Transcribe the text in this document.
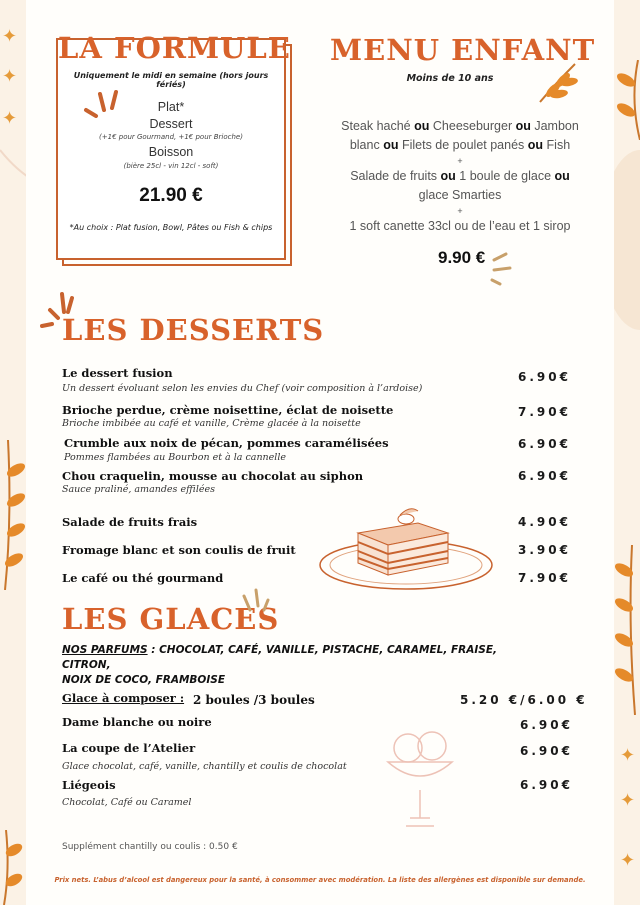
✦
✦
✦
✦
✦
✦
LA FORMULE
Uniquement le midi en semaine (hors jours fériés)
Plat*
Dessert
(+1€ pour Gourmand, +1€ pour Brioche)
Boisson
(bière 25cl - vin 12cl - soft)
21.90 €
*Au choix : Plat fusion, Bowl, Pâtes ou Fish & chips
MENU ENFANT
Moins de 10 ans
Steak haché ou Cheeseburger ou Jambon
blanc ou Filets de poulet panés ou Fish
+
Salade de fruits ou 1 boule de glace ou
glace Smarties
+
1 soft canette 33cl ou de l’eau et 1 sirop
9.90 €
LES DESSERTS
Le dessert fusion
Un dessert évoluant selon les envies du Chef (voir composition à l’ardoise)
6.90€
Brioche perdue, crème noisettine, éclat de noisette
Brioche imbibée au café et vanille, Crème glacée à la noisette
7.90€
Crumble aux noix de pécan, pommes caramélisées
Pommes flambées au Bourbon et à la cannelle
6.90€
Chou craquelin, mousse au chocolat au siphon
Sauce praliné, amandes effilées
6.90€
Salade de fruits frais	4.90€
Fromage blanc et son coulis de fruit	3.90€
Le café ou thé gourmand	7.90€
LES GLACES
NOS PARFUMS : CHOCOLAT, CAFÉ, VANILLE, PISTACHE, CARAMEL, FRAISE, CITRON,
NOIX DE COCO, FRAMBOISE
Glace à composer : 2 boules /3 boules	5.20 €/6.00 €
Dame blanche ou noire	6.90€
La coupe de l’Atelier
Glace chocolat, café, vanille, chantilly et coulis de chocolat
6.90€
Liégeois
Chocolat, Café ou Caramel
6.90€
Supplément chantilly ou coulis : 0.50 €
Prix nets. L’abus d’alcool est dangereux pour la santé, à consommer avec modération. La liste des allergènes est disponible sur demande.
